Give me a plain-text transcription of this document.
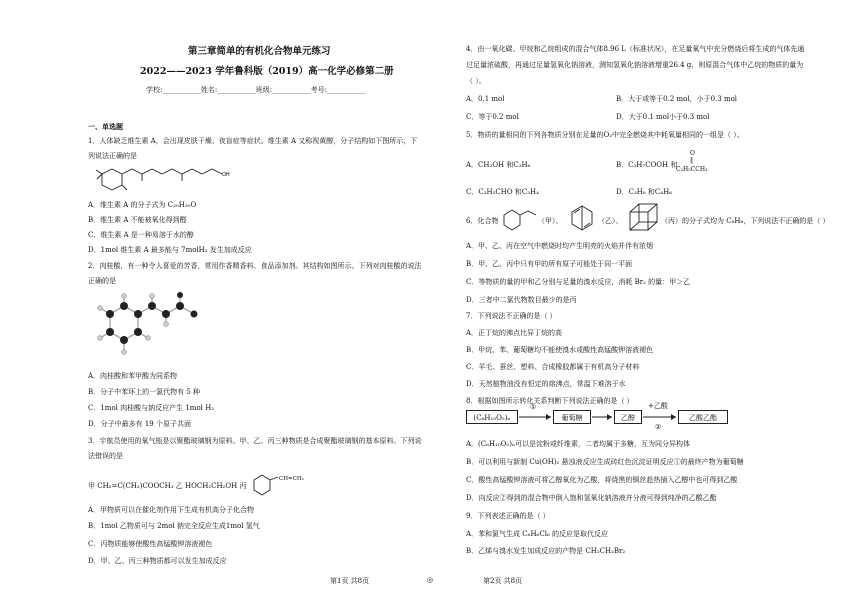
第三章简单的有机化合物单元练习
2022——2023 学年鲁科版（2019）高一化学必修第二册
学校:___________姓名:___________班级:___________考号:___________
一、单选题
1．人体缺乏维生素 A，会出现皮肤干燥、夜盲症等症状。维生素 A 又称视黄醇，分子结构如下图所示，下
列说法正确的是
OH
A．维生素 A 的分子式为 C₂₀H₃₀O
B．维生素 A 不能被氧化得到醛
C．维生素 A 是一种易溶于水的醇
D．1mol 维生素 A 最多能与 7molH₂ 发生加成反应
2．肉桂酸，有一种令人喜爱的芳香，常用作香精香料、食品添加剂。其结构如图所示。下列对肉桂酸的说法
正确的是
A．肉桂酸和苯甲酸为同系物
B．分子中苯环上的一氯代物有 5 种
C．1mol 肉桂酸与钠反应产生 1mol H₂
D．分子中最多有 19 个原子共面
3．宇航员使用的氧气瓶是以聚酯玻璃钢为原料。甲、乙、丙三种物质是合成聚酯玻璃钢的基本原料。下列说
法错误的是
甲 CH₂=C(CH₃)COOCH₃ 乙 HOCH₂CH₂OH 丙
CH=CH₂
A．甲物质可以在催化剂作用下生成有机高分子化合物
B．1mol 乙物质可与 2mol 钠完全反应生成1mol 氢气
C．丙物质能够使酸性高锰酸钾溶液褪色
D．甲、乙、丙三种物质都可以发生加成反应
4．由一氧化碳、甲烷和乙烷组成的混合气体8.96 L（标准状况），在足量氧气中充分燃烧后将生成的气体先通
过足量浓硫酸，再通过足量氢氧化钠溶液，测知氢氧化钠溶液增重26.4 g，则原混合气体中乙烷的物质的量为
（ ）。
A．0.1 mol	B．大于或等于0.2 mol，小于0.3 mol
C．等于0.2 mol	D．大于0.1 mol小于0.3 mol
5．物质的量相同的下列各物质分别在足量的O₂中完全燃烧其中耗氧量相同的一组是（ ）。
A．CH₃OH 和C₃H₆	B．C₃H₇COOH 和
O
‖
C₂H₅CCH₃
C．C₂H₅CHO 和C₃H₄	D．C₃H₈ 和C₄H₆
6．化合物	（甲）、	（乙）、	（丙）的分子式均为 C₈H₈，下列说法不正确的是（ ）
A．甲、乙、丙在空气中燃烧时均产生明亮的火焰并伴有浓烟
B．甲、乙、丙中只有甲的所有原子可能处于同一平面
C．等物质的量的甲和乙分别与足量的溴水反应，消耗 Br₂ 的量：甲＞乙
D．三者中二氯代物数目最少的是丙
7．下列说法不正确的是（ ）
A．正丁烷的沸点比异丁烷的高
B．甲烷、苯、葡萄糖均不能使溴水或酸性高锰酸钾溶液褪色
C．羊毛、蚕丝、塑料、合成橡胶都属于有机高分子材料
D．天然植物油没有恒定的熔沸点，常温下难溶于水
8．根据如图所示转化关系判断下列说法正确的是（ ）
(C₆H₁₀O₅)ₙ	葡萄糖	乙醇	乙酸乙酯
①	+乙酸
②
A．(C₆H₁₀O₅)ₙ可以是淀粉或纤维素，二者均属于多糖，互为同分异构体
B．可以利用与新制 Cu(OH)₂ 悬浊液反应生成砖红色沉淀证明反应①的最终产物为葡萄糖
C．酸性高锰酸钾溶液可将乙醇氧化为乙酸，将烧黑的铜丝趁热插入乙醇中也可得到乙酸
D．向反应②得到的混合物中倒入饱和氢氧化钠溶液并分液可得到纯净的乙酸乙酯
9．下列表述正确的是（ ）
A．苯和氯气生成 C₆H₆Cl₆ 的反应是取代反应
B．乙烯与溴水发生加成反应的产物是 CH₂CH₂Br₂
第1页 共8页	◎	第2页 共8页
